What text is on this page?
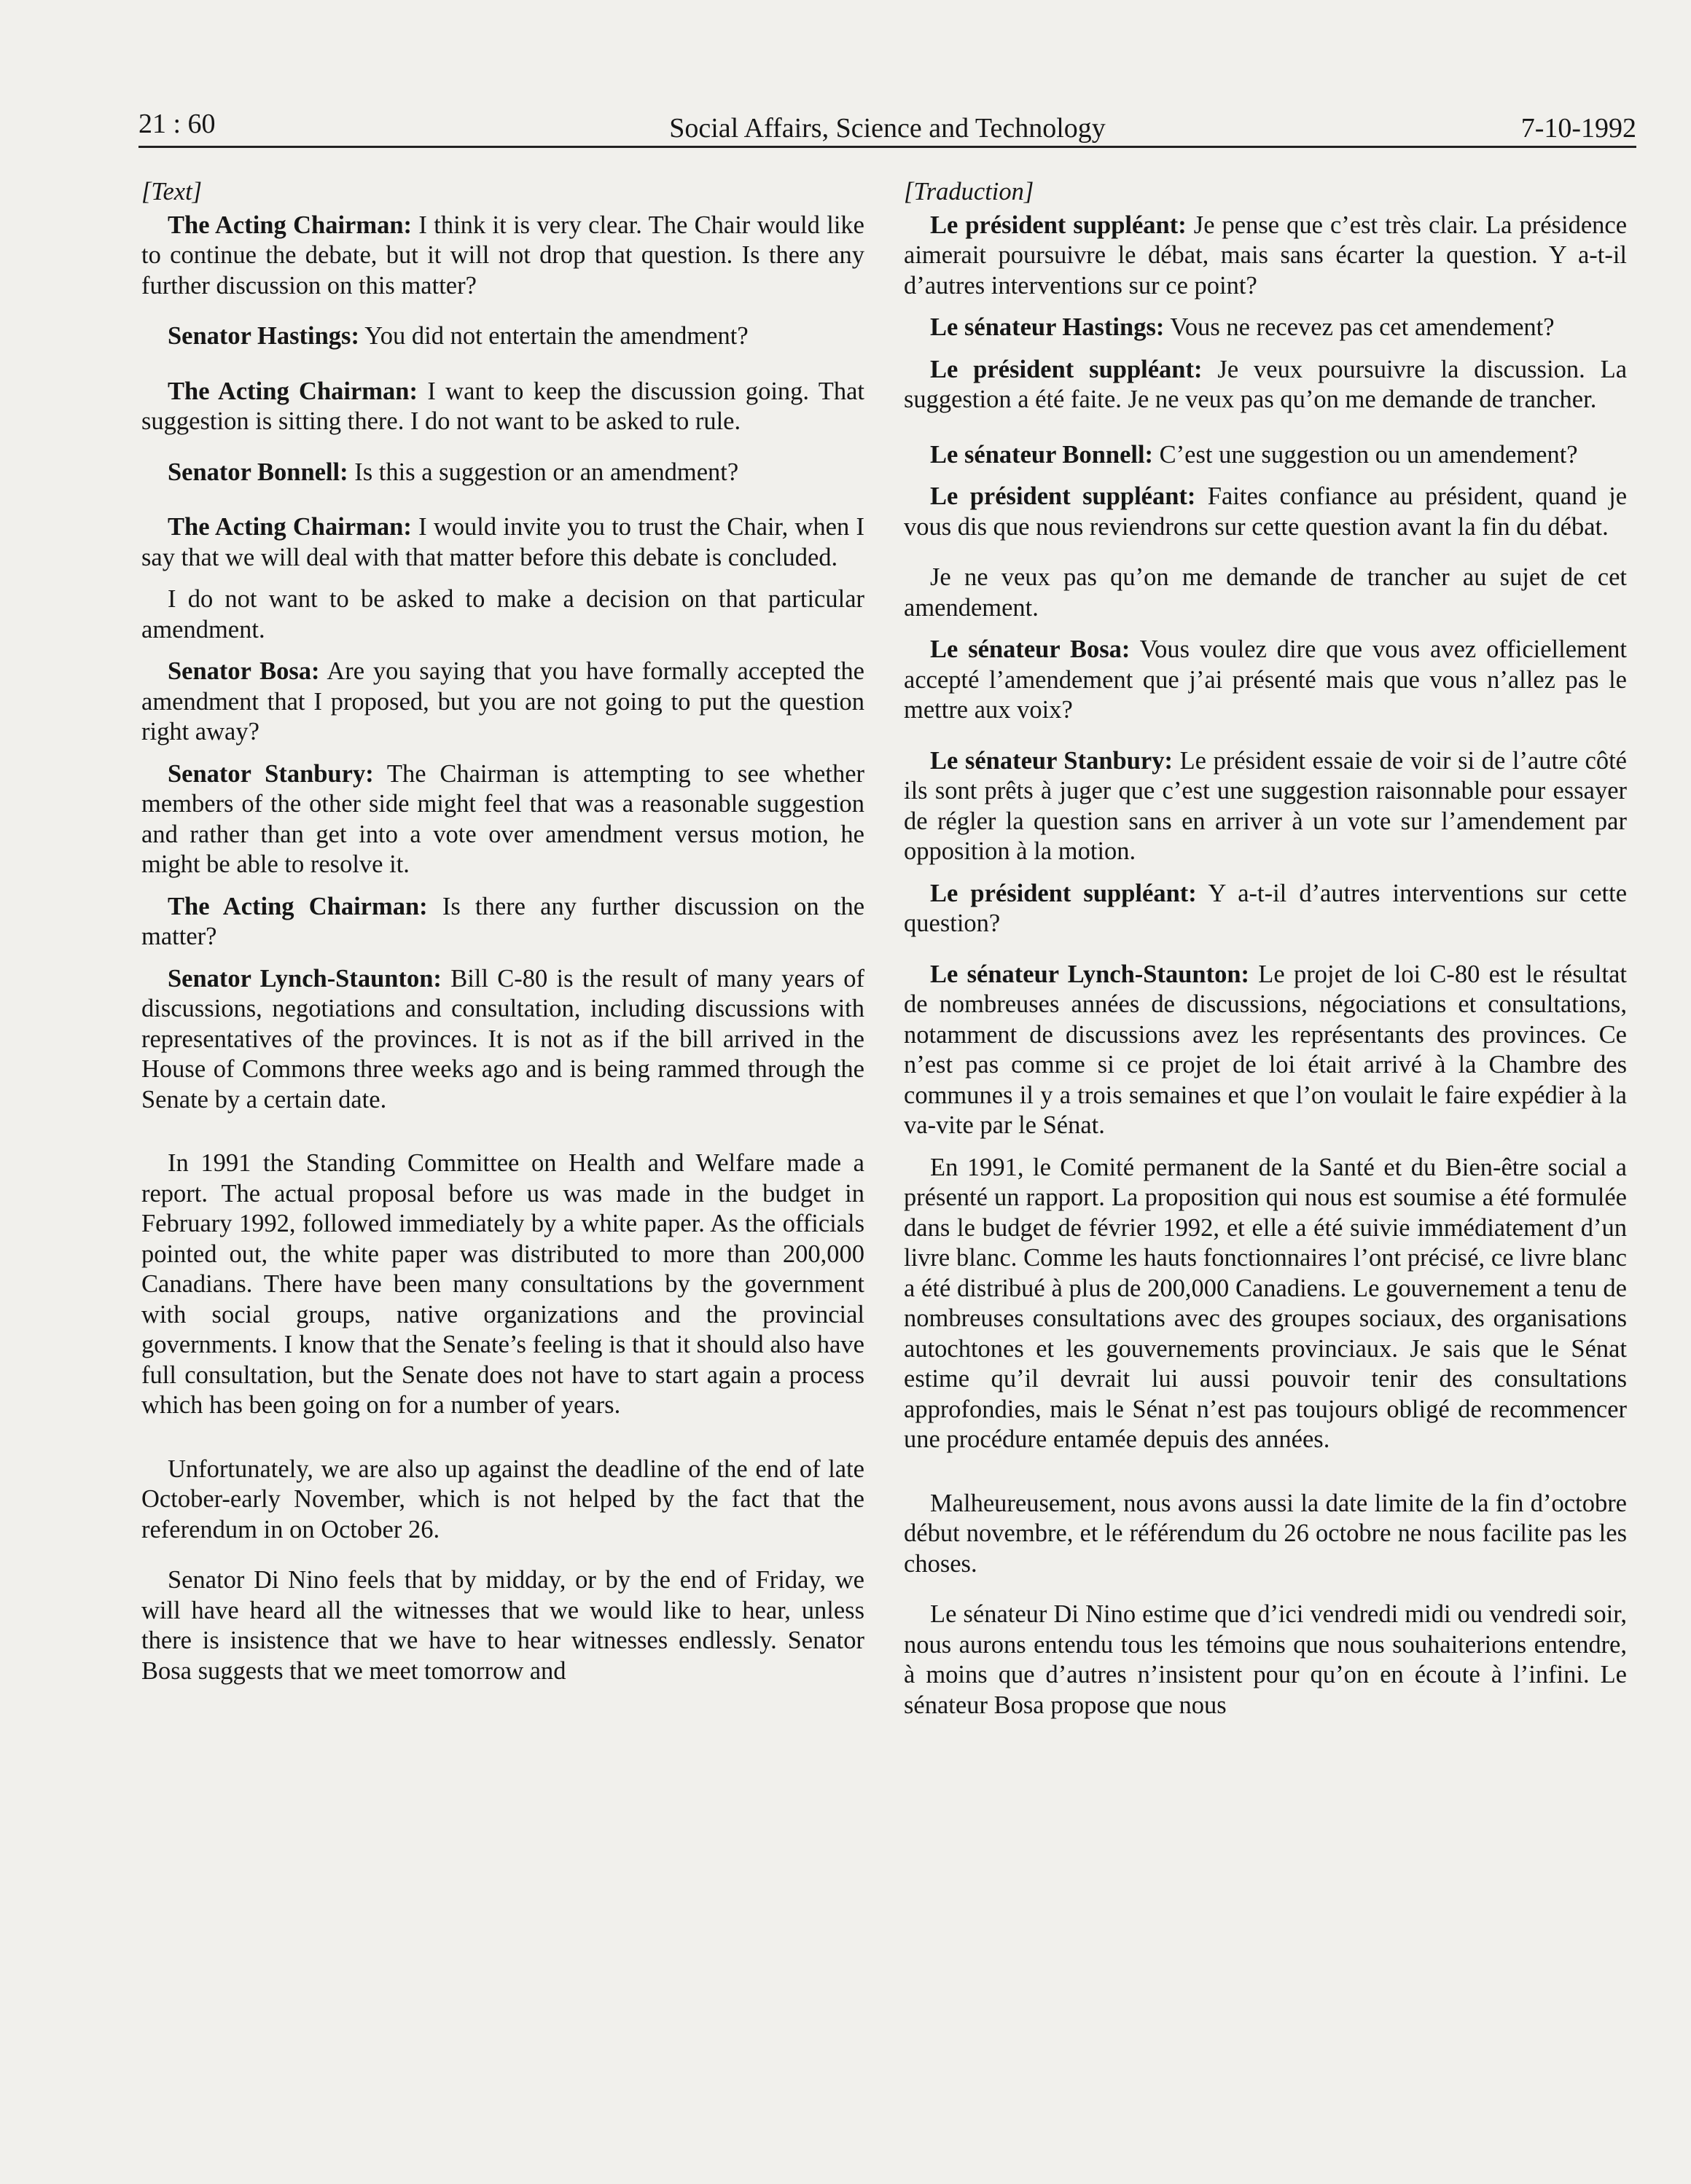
21 : 60	Social Affairs, Science and Technology	7-10-1992

[Text]

The Acting Chairman: I think it is very clear. The Chair would like to continue the debate, but it will not drop that question. Is there any further discussion on this matter?

Senator Hastings: You did not entertain the amendment?

The Acting Chairman: I want to keep the discussion going. That suggestion is sitting there. I do not want to be asked to rule.

Senator Bonnell: Is this a suggestion or an amendment?

The Acting Chairman: I would invite you to trust the Chair, when I say that we will deal with that matter before this debate is concluded.

I do not want to be asked to make a decision on that particular amendment.

Senator Bosa: Are you saying that you have formally accepted the amendment that I proposed, but you are not going to put the question right away?

Senator Stanbury: The Chairman is attempting to see whether members of the other side might feel that was a reasonable suggestion and rather than get into a vote over amendment versus motion, he might be able to resolve it.

The Acting Chairman: Is there any further discussion on the matter?

Senator Lynch-Staunton: Bill C-80 is the result of many years of discussions, negotiations and consultation, including discussions with representatives of the provinces. It is not as if the bill arrived in the House of Commons three weeks ago and is being rammed through the Senate by a certain date.

In 1991 the Standing Committee on Health and Welfare made a report. The actual proposal before us was made in the budget in February 1992, followed immediately by a white paper. As the officials pointed out, the white paper was distributed to more than 200,000 Canadians. There have been many consultations by the government with social groups, native organizations and the provincial governments. I know that the Senate’s feeling is that it should also have full consultation, but the Senate does not have to start again a process which has been going on for a number of years.

Unfortunately, we are also up against the deadline of the end of late October-early November, which is not helped by the fact that the referendum in on October 26.

Senator Di Nino feels that by midday, or by the end of Friday, we will have heard all the witnesses that we would like to hear, unless there is insistence that we have to hear witnesses endlessly. Senator Bosa suggests that we meet tomorrow and

[Traduction]

Le président suppléant: Je pense que c’est très clair. La présidence aimerait poursuivre le débat, mais sans écarter la question. Y a-t-il d’autres interventions sur ce point?

Le sénateur Hastings: Vous ne recevez pas cet amendement?

Le président suppléant: Je veux poursuivre la discussion. La suggestion a été faite. Je ne veux pas qu’on me demande de trancher.

Le sénateur Bonnell: C’est une suggestion ou un amendement?

Le président suppléant: Faites confiance au président, quand je vous dis que nous reviendrons sur cette question avant la fin du débat.

Je ne veux pas qu’on me demande de trancher au sujet de cet amendement.

Le sénateur Bosa: Vous voulez dire que vous avez officiellement accepté l’amendement que j’ai présenté mais que vous n’allez pas le mettre aux voix?

Le sénateur Stanbury: Le président essaie de voir si de l’autre côté ils sont prêts à juger que c’est une suggestion raisonnable pour essayer de régler la question sans en arriver à un vote sur l’amendement par opposition à la motion.

Le président suppléant: Y a-t-il d’autres interventions sur cette question?

Le sénateur Lynch-Staunton: Le projet de loi C-80 est le résultat de nombreuses années de discussions, négociations et consultations, notamment de discussions avez les représentants des provinces. Ce n’est pas comme si ce projet de loi était arrivé à la Chambre des communes il y a trois semaines et que l’on voulait le faire expédier à la va-vite par le Sénat.

En 1991, le Comité permanent de la Santé et du Bien-être social a présenté un rapport. La proposition qui nous est soumise a été formulée dans le budget de février 1992, et elle a été suivie immédiatement d’un livre blanc. Comme les hauts fonctionnaires l’ont précisé, ce livre blanc a été distribué à plus de 200,000 Canadiens. Le gouvernement a tenu de nombreuses consultations avec des groupes sociaux, des organisations autochtones et les gouvernements provinciaux. Je sais que le Sénat estime qu’il devrait lui aussi pouvoir tenir des consultations approfondies, mais le Sénat n’est pas toujours obligé de recommencer une procédure entamée depuis des années.

Malheureusement, nous avons aussi la date limite de la fin d’octobre début novembre, et le référendum du 26 octobre ne nous facilite pas les choses.

Le sénateur Di Nino estime que d’ici vendredi midi ou vendredi soir, nous aurons entendu tous les témoins que nous souhaiterions entendre, à moins que d’autres n’insistent pour qu’on en écoute à l’infini. Le sénateur Bosa propose que nous
